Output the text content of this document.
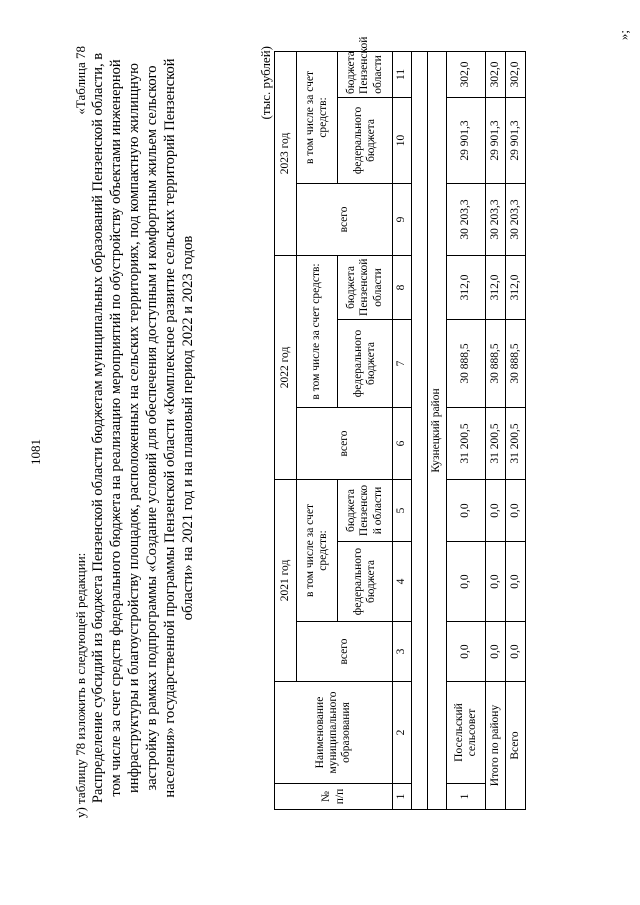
1081
у) таблицу 78 изложить в следующей редакции:
«Таблица 78 Распределение субсидий из бюджета Пензенской области бюджетам муниципальных образований Пензенской области, в том числе за счет средств федерального бюджета на реализацию мероприятий по обустройству объектами инженерной инфраструктуры и благоустройству площадок, расположенных на сельских территориях, под компактную жилищную застройку в рамках подпрограммы «Создание условий для обеспечения доступным и комфортным жильем сельского населения» государственной программы Пензенской области «Комплексное развитие сельских территорий Пензенской области» на 2021 год и на плановый период 2022 и 2023 годов
(тыс. рублей)
№ п/п	Наименование муниципального образования	2021 год			2022 год			2023 год		
		всего	в том числе за счет средств:		всего	в том числе за счет средств:		всего	в том числе за счет средств:	
			федерального бюджета	бюджета Пензенско й области		федерального бюджета	бюджета Пензенской области		федерального бюджета	бюджета Пензенской области
1	2	3	4	5	6	7	8	9	10	11

Кузнецкий район										
1	Посельский сельсовет	0,0	0,0	0,0	31 200,5	30 888,5	312,0	30 203,3	29 901,3	302,0
Итого по району		0,0	0,0	0,0	31 200,5	30 888,5	312,0	30 203,3	29 901,3	302,0
Всего		0,0	0,0	0,0	31 200,5	30 888,5	312,0	30 203,3	29 901,3	302,0
»;
